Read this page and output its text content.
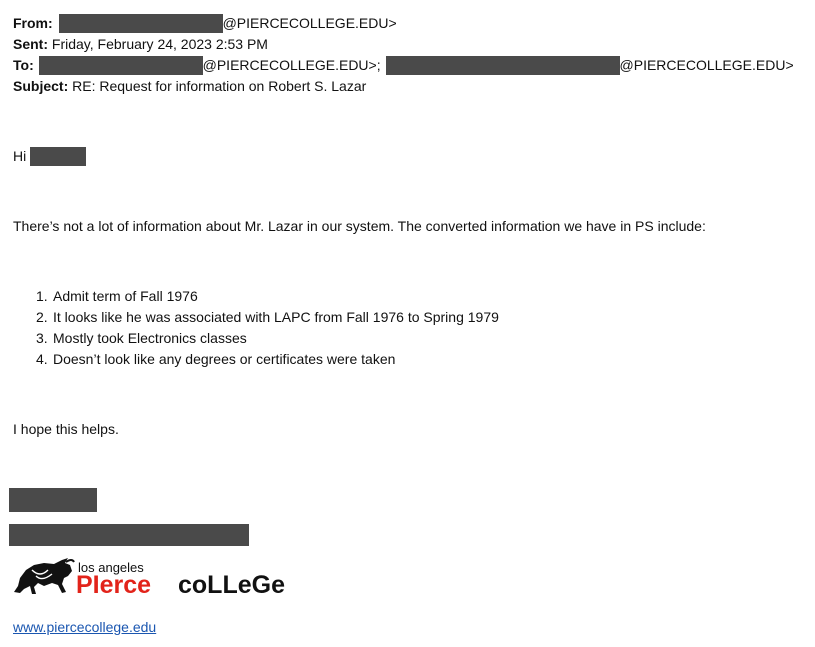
From:	@PIERCECOLLEGE.EDU>
Sent: Friday, February 24, 2023 2:53 PM
To:	@PIERCECOLLEGE.EDU>;	@PIERCECOLLEGE.EDU>
Subject: RE: Request for information on Robert S. Lazar
Hi
There’s not a lot of information about Mr. Lazar in our system. The converted information we have in PS include:
1. Admit term of Fall 1976
2. It looks like he was associated with LAPC from Fall 1976 to Spring 1979
3. Mostly took Electronics classes
4. Doesn’t look like any degrees or certificates were taken
I hope this helps.
los angeles
PIerce coLLeGe
www.piercecollege.edu
